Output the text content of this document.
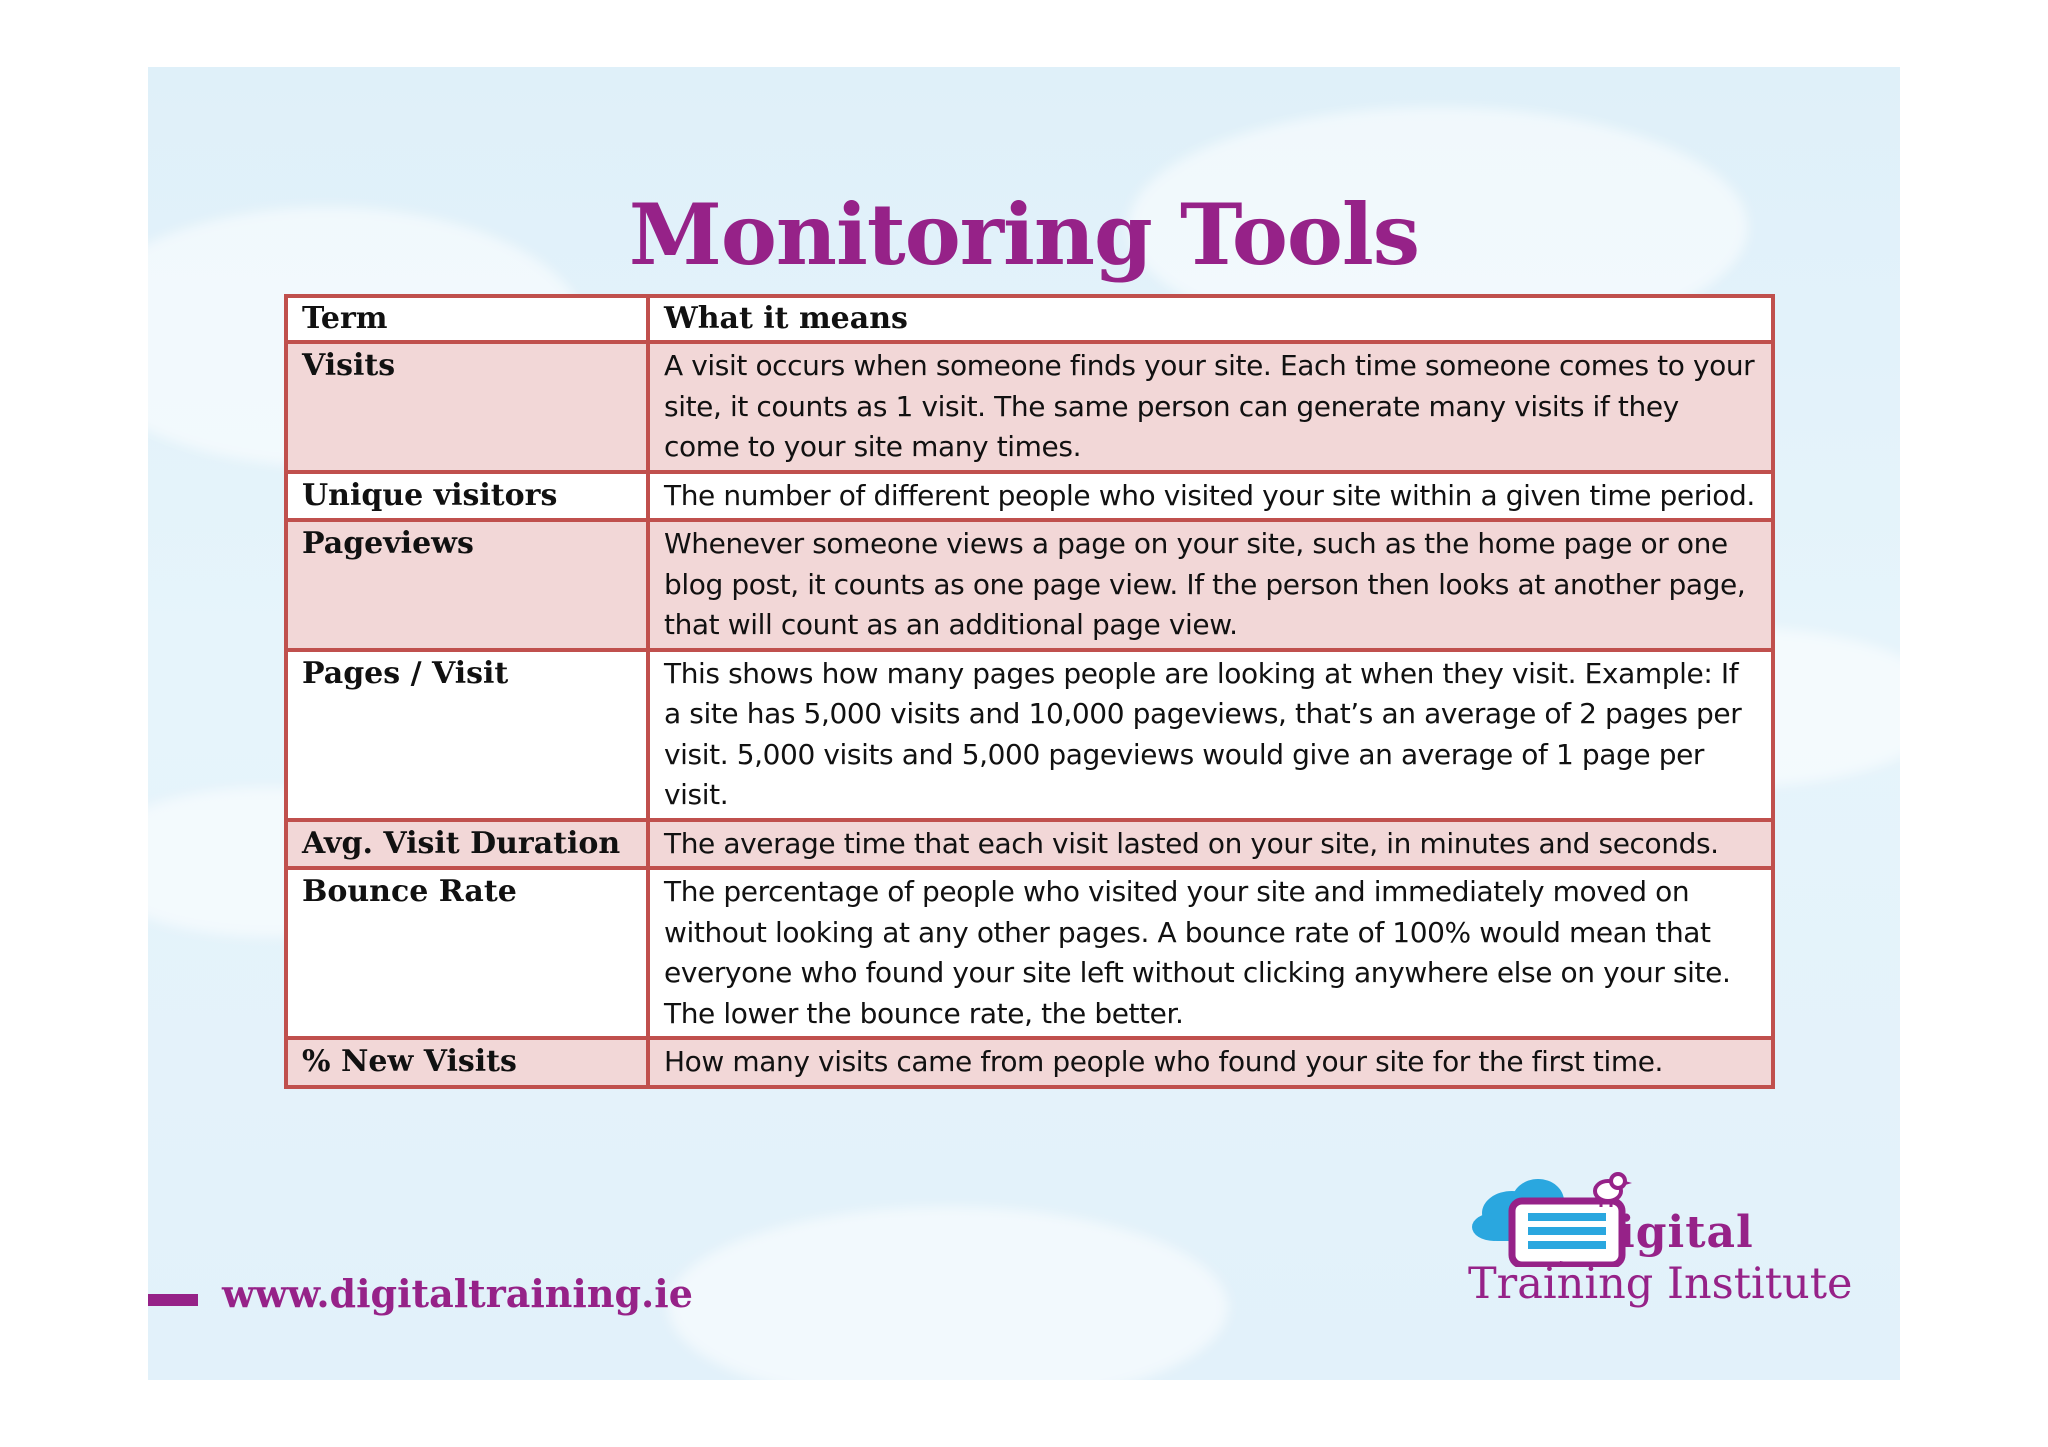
Monitoring Tools
Term	What it means
Visits	A visit occurs when someone finds your site. Each time someone comes to your site, it counts as 1 visit. The same person can generate many visits if they come to your site many times.
Unique visitors	The number of different people who visited your site within a given time period.
Pageviews	Whenever someone views a page on your site, such as the home page or one blog post, it counts as one page view. If the person then looks at another page, that will count as an additional page view.
Pages / Visit	This shows how many pages people are looking at when they visit. Example: If a site has 5,000 visits and 10,000 pageviews, that’s an average of 2 pages per visit. 5,000 visits and 5,000 pageviews would give an average of 1 page per visit.
Avg. Visit Duration	The average time that each visit lasted on your site, in minutes and seconds.
Bounce Rate	The percentage of people who visited your site and immediately moved on without looking at any other pages. A bounce rate of 100% would mean that everyone who found your site left without clicking anywhere else on your site. The lower the bounce rate, the better.
% New Visits	How many visits came from people who found your site for the first time.

www.digitaltraining.ie

igital
Training Institute
